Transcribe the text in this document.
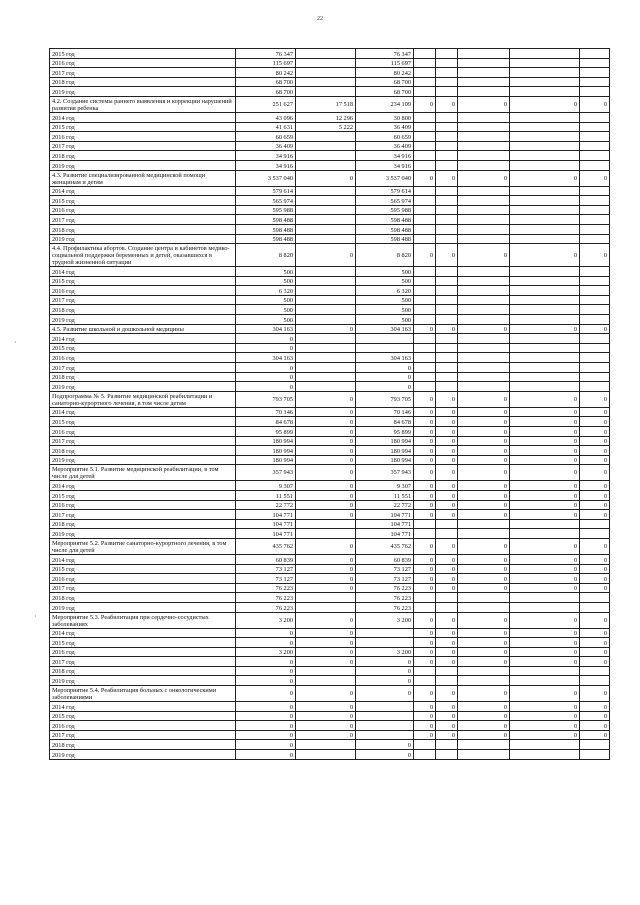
22
2015 год	76 347		76 347					
2016 год	115 697		115 697					
2017 год	80 242		80 242					
2018 год	68 700		68 700					
2019 год	68 700		68 700					
4.2. Создание системы раннего выявления и коррекции нарушений развития ребенка	251 627	17 518	234 109	0	0	0	0	0
2014 год	43 096	12 296	30 800					
2015 год	41 631	5 222	36 409					
2016 год	60 659		60 659					
2017 год	36 409		36 409					
2018 год	34 916		34 916					
2019 год	34 916		34 916					
4.3. Развитие специализированной медицинской помощи женщинам и детям	3 537 040	0	3 537 040	0	0	0	0	0
2014 год	579 614		579 614					
2015 год	565 974		565 974					
2016 год	595 988		595 988					
2017 год	598 488		598 488					
2018 год	598 488		598 488					
2019 год	598 488		598 488					
4.4. Профилактика абортов. Создание центра и кабинетов медико-социальной поддержки беременных и детей, оказавшихся в трудной жизненной ситуации	8 820	0	8 820	0	0	0	0	0
2014 год	500		500					
2015 год	500		500					
2016 год	6 320		6 320					
2017 год	500		500					
2018 год	500		500					
2019 год	500		500					
4.5. Развитие школьной и дошкольной медицины	304 163	0	304 163	0	0	0	0	0
2014 год	0							
2015 год	0							
2016 год	304 163		304 163					
2017 год	0		0					
2018 год	0		0					
2019 год	0		0					
Подпрограмма № 5. Развитие медицинской реабилитации и санаторно-курортного лечения, в том числе детям	793 705	0	793 705	0	0	0	0	0
2014 год	70 146	0	70 146	0	0	0	0	0
2015 год	84 678	0	84 678	0	0	0	0	0
2016 год	95 899	0	95 899	0	0	0	0	0
2017 год	180 994	0	180 994	0	0	0	0	0
2018 год	180 994	0	180 994	0	0	0	0	0
2019 год	180 994	0	180 994	0	0	0	0	0
Мероприятие 5.1. Развитие медицинской реабилитации, в том числе для детей	357 943	0	357 943	0	0	0	0	0
2014 год	9 307	0	9 307	0	0	0	0	0
2015 год	11 551	0	11 551	0	0	0	0	0
2016 год	22 772	0	22 772	0	0	0	0	0
2017 год	104 771	0	104 771	0	0	0	0	0
2018 год	104 771		104 771					
2019 год	104 771		104 771					
Мероприятие 5.2. Развитие санаторно-курортного лечения, в том числе для детей	435 762	0	435 762	0	0	0	0	0
2014 год	60 839	0	60 839	0	0	0	0	0
2015 год	73 127	0	73 127	0	0	0	0	0
2016 год	73 127	0	73 127	0	0	0	0	0
2017 год	76 223	0	76 223	0	0	0	0	0
2018 год	76 223		76 223					
2019 год	76 223		76 223					
Мероприятие 5.3. Реабилитация при сердечно-сосудистых заболеваниях	3 200	0	3 200	0	0	0	0	0
2014 год	0	0		0	0	0	0	0
2015 год	0	0		0	0	0	0	0
2016 год	3 200	0	3 200	0	0	0	0	0
2017 год	0	0	0	0	0	0	0	0
2018 год	0		0					
2019 год	0		0					
Мероприятие 5.4. Реабилитация больных с онкологическими заболеваниями	0	0	0	0	0	0	0	0
2014 год	0	0		0	0	0	0	0
2015 год	0	0		0	0	0	0	0
2016 год	0	0		0	0	0	0	0
2017 год	0	0		0	0	0	0	0
2018 год	0		0					
2019 год	0		0					
·
·
